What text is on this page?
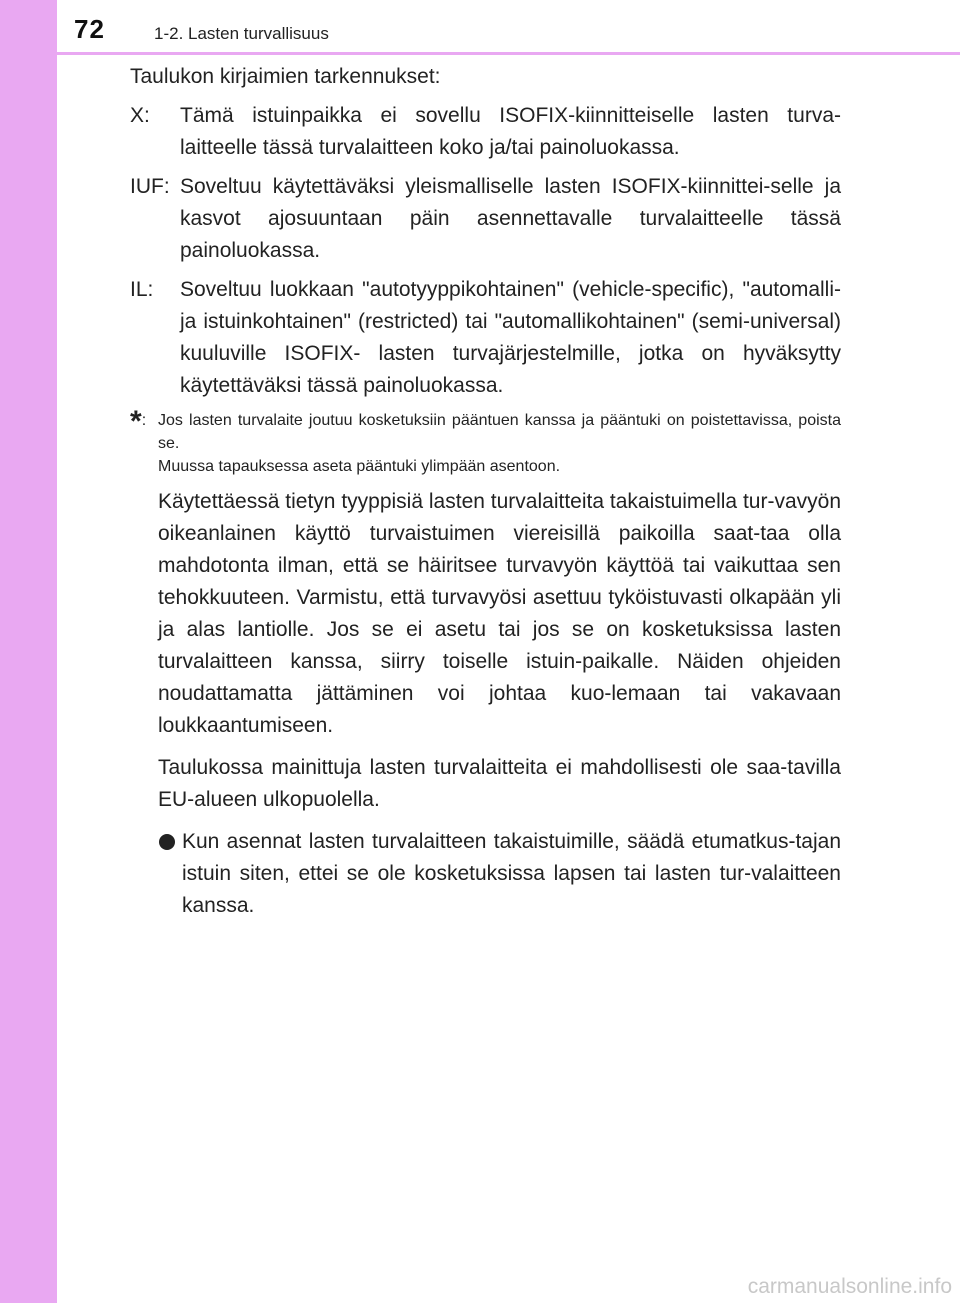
72	1-2. Lasten turvallisuus

Taulukon kirjaimien tarkennukset:

X:	Tämä istuinpaikka ei sovellu ISOFIX-kiinnitteiselle lasten turva-laitteelle tässä turvalaitteen koko ja/tai painoluokassa.
IUF: Soveltuu käytettäväksi yleismalliselle lasten ISOFIX-kiinnittei-selle ja kasvot ajosuuntaan päin asennettavalle turvalaitteelle tässä painoluokassa.
IL:	Soveltuu luokkaan "autotyyppikohtainen" (vehicle-specific), "automalli- ja istuinkohtainen" (restricted) tai "automallikohtainen" (semi-universal) kuuluville ISOFIX- lasten turvajärjestelmille, jotka on hyväksytty käytettäväksi tässä painoluokassa.
*: Jos lasten turvalaite joutuu kosketuksiin pääntuen kanssa ja pääntuki on poistettavissa, poista se.
Muussa tapauksessa aseta pääntuki ylimpään asentoon.

Käytettäessä tietyn tyyppisiä lasten turvalaitteita takaistuimella tur-vavyön oikeanlainen käyttö turvaistuimen viereisillä paikoilla saat-taa olla mahdotonta ilman, että se häiritsee turvavyön käyttöä tai vaikuttaa sen tehokkuuteen. Varmistu, että turvavyösi asettuu tyköistuvasti olkapään yli ja alas lantiolle. Jos se ei asetu tai jos se on kosketuksissa lasten turvalaitteen kanssa, siirry toiselle istuin-paikalle. Näiden ohjeiden noudattamatta jättäminen voi johtaa kuo-lemaan tai vakavaan loukkaantumiseen.

Taulukossa mainittuja lasten turvalaitteita ei mahdollisesti ole saa-tavilla EU-alueen ulkopuolella.

Kun asennat lasten turvalaitteen takaistuimille, säädä etumatkus-tajan istuin siten, ettei se ole kosketuksissa lapsen tai lasten tur-valaitteen kanssa.
carmanualsonline.info
